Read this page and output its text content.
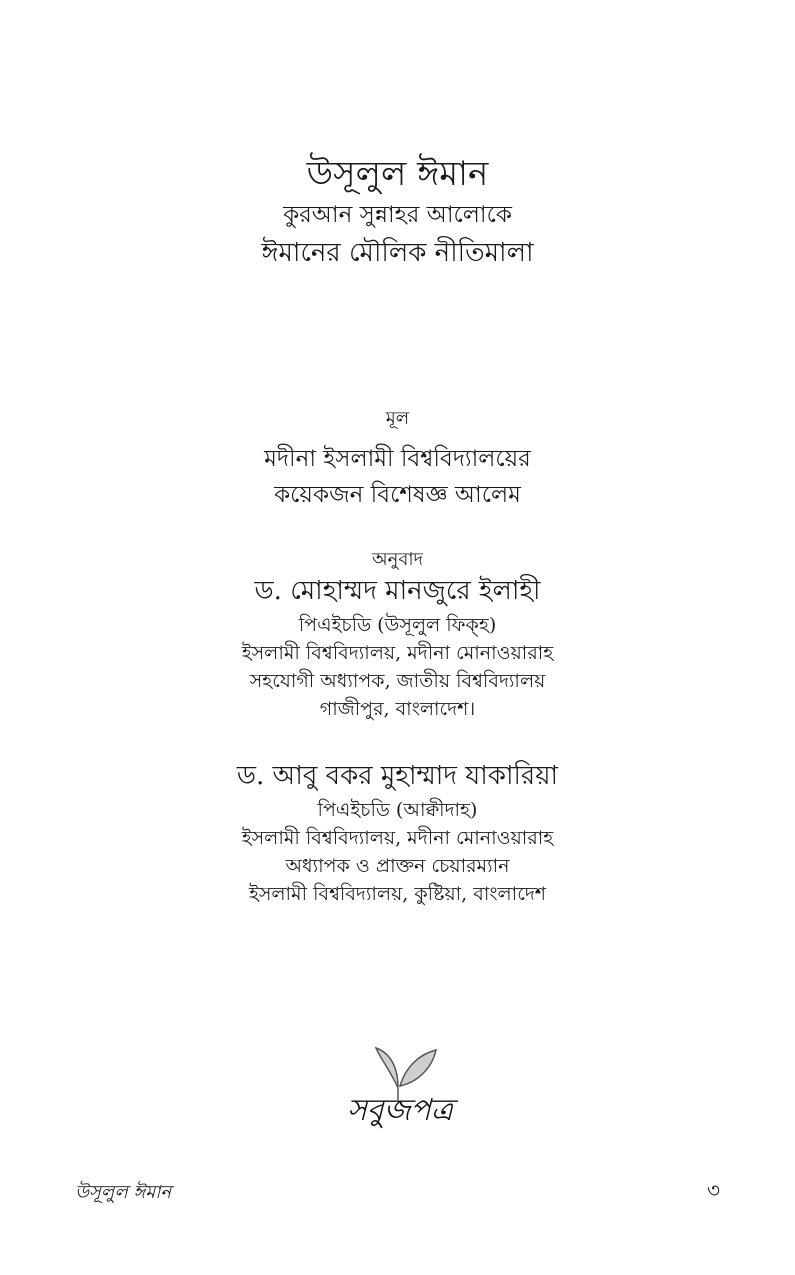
উসূলুল ঈমান
কুরআন সুন্নাহর আলোকে
ঈমানের মৌলিক নীতিমালা
মূল
মদীনা ইসলামী বিশ্ববিদ্যালয়ের
কয়েকজন বিশেষজ্ঞ আলেম
অনুবাদ
ড. মোহাম্মদ মানজুরে ইলাহী
পিএইচডি (উসূলুল ফিক্‌হ)
ইসলামী বিশ্ববিদ্যালয়, মদীনা মোনাওয়ারাহ
সহযোগী অধ্যাপক, জাতীয় বিশ্ববিদ্যালয়
গাজীপুর, বাংলাদেশ।
ড. আবু বকর মুহাম্মাদ যাকারিয়া
পিএইচডি (আক্বীদাহ)
ইসলামী বিশ্ববিদ্যালয়, মদীনা মোনাওয়ারাহ
অধ্যাপক ও প্রাক্তন চেয়ারম্যান
ইসলামী বিশ্ববিদ্যালয়, কুষ্টিয়া, বাংলাদেশ
সবুজপত্র
উসূলুল ঈমান	৩
